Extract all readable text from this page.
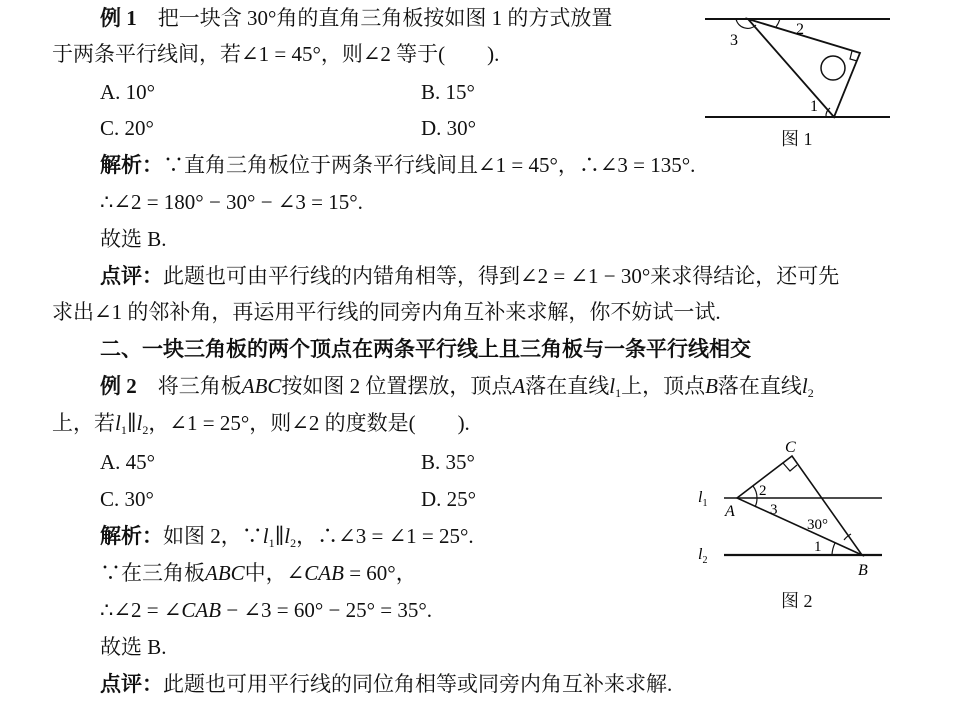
例 1　 把一块含 30°角的直角三角板按如图 1 的方式放置
于两条平行线间，若∠1 = 45°，则∠2 等于(　　).
A. 10°	B. 15°
C. 20°	D. 30°
解析：∵直角三角板位于两条平行线间且∠1 = 45°，∴∠3 = 135°.
∴∠2 = 180° − 30° − ∠3 = 15°.
故选 B.
点评：此题也可由平行线的内错角相等，得到∠2 = ∠1 − 30°来求得结论，还可先
求出∠1 的邻补角，再运用平行线的同旁内角互补来求解，你不妨试一试.
二、一块三角板的两个顶点在两条平行线上且三角板与一条平行线相交
例 2　 将三角板ABC按如图 2 位置摆放，顶点A落在直线$l_1$上，顶点B落在直线$l_2$
上，若$l_1\parallel l_2$，∠1 = 25°，则∠2 的度数是(　　).
A. 45°	B. 35°
C. 30°	D. 25°
解析：如图 2，$\because l_1\parallel l_2$，∴∠3 = ∠1 = 25°.
∵在三角板ABC中，∠CAB = 60°，
∴∠2 = ∠CAB − ∠3 = 60° − 25° = 35°.
故选 B.
点评：此题也可用平行线的同位角相等或同旁内角互补来求解.
1
2
3
图 1
C
A
B
$l_1$
$l_2$
2
3
1
30°
图 2
